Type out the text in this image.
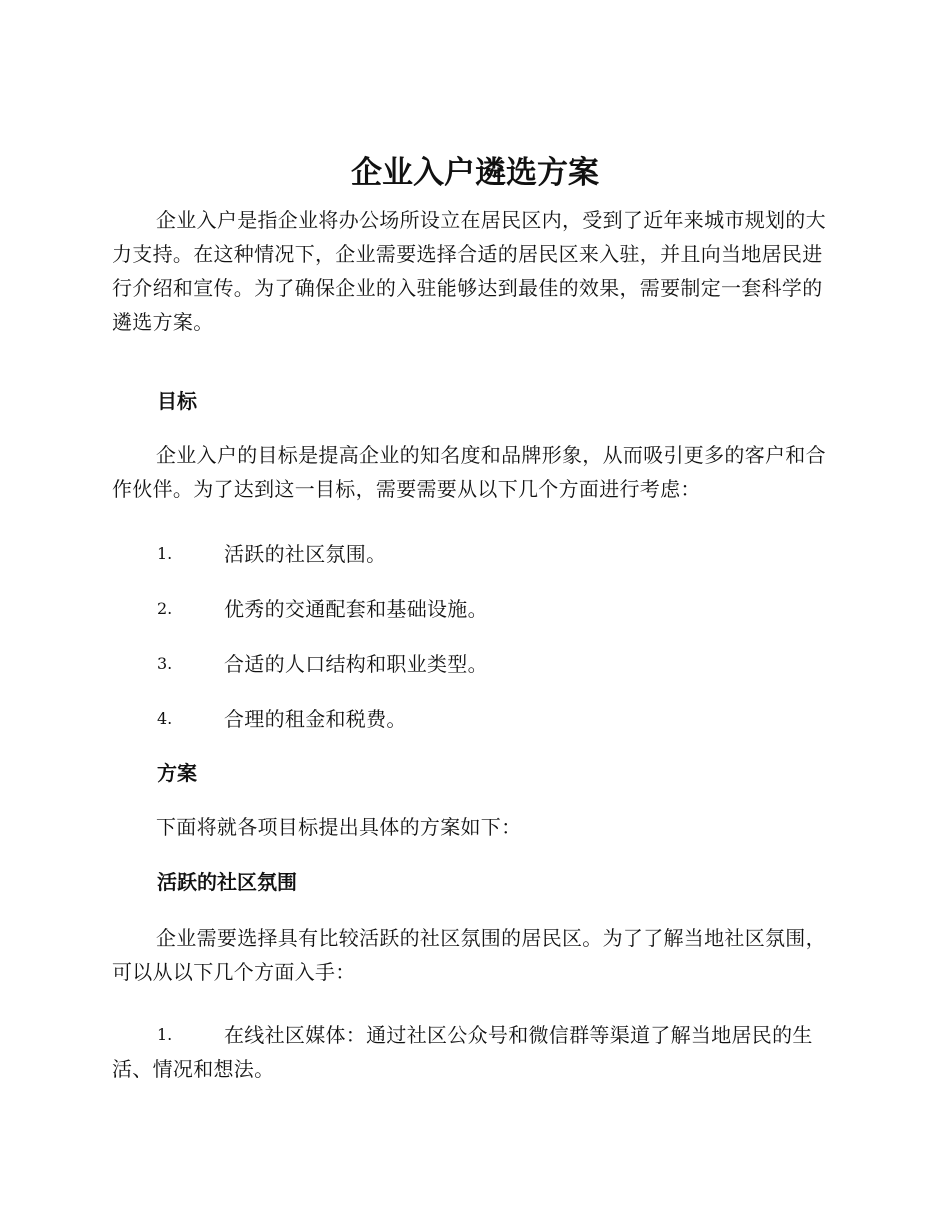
企业入户遴选方案

企业入户是指企业将办公场所设立在居民区内，受到了近年来城市规划的大力支持。在这种情况下，企业需要选择合适的居民区来入驻，并且向当地居民进行介绍和宣传。为了确保企业的入驻能够达到最佳的效果，需要制定一套科学的遴选方案。

目标

企业入户的目标是提高企业的知名度和品牌形象，从而吸引更多的客户和合作伙伴。为了达到这一目标，需要需要从以下几个方面进行考虑：

1.	活跃的社区氛围。
2.	优秀的交通配套和基础设施。
3.	合适的人口结构和职业类型。
4.	合理的租金和税费。
方案

下面将就各项目标提出具体的方案如下：

活跃的社区氛围

企业需要选择具有比较活跃的社区氛围的居民区。为了了解当地社区氛围，可以从以下几个方面入手：

1.	在线社区媒体：通过社区公众号和微信群等渠道了解当地居民的生活、情况和想法。
